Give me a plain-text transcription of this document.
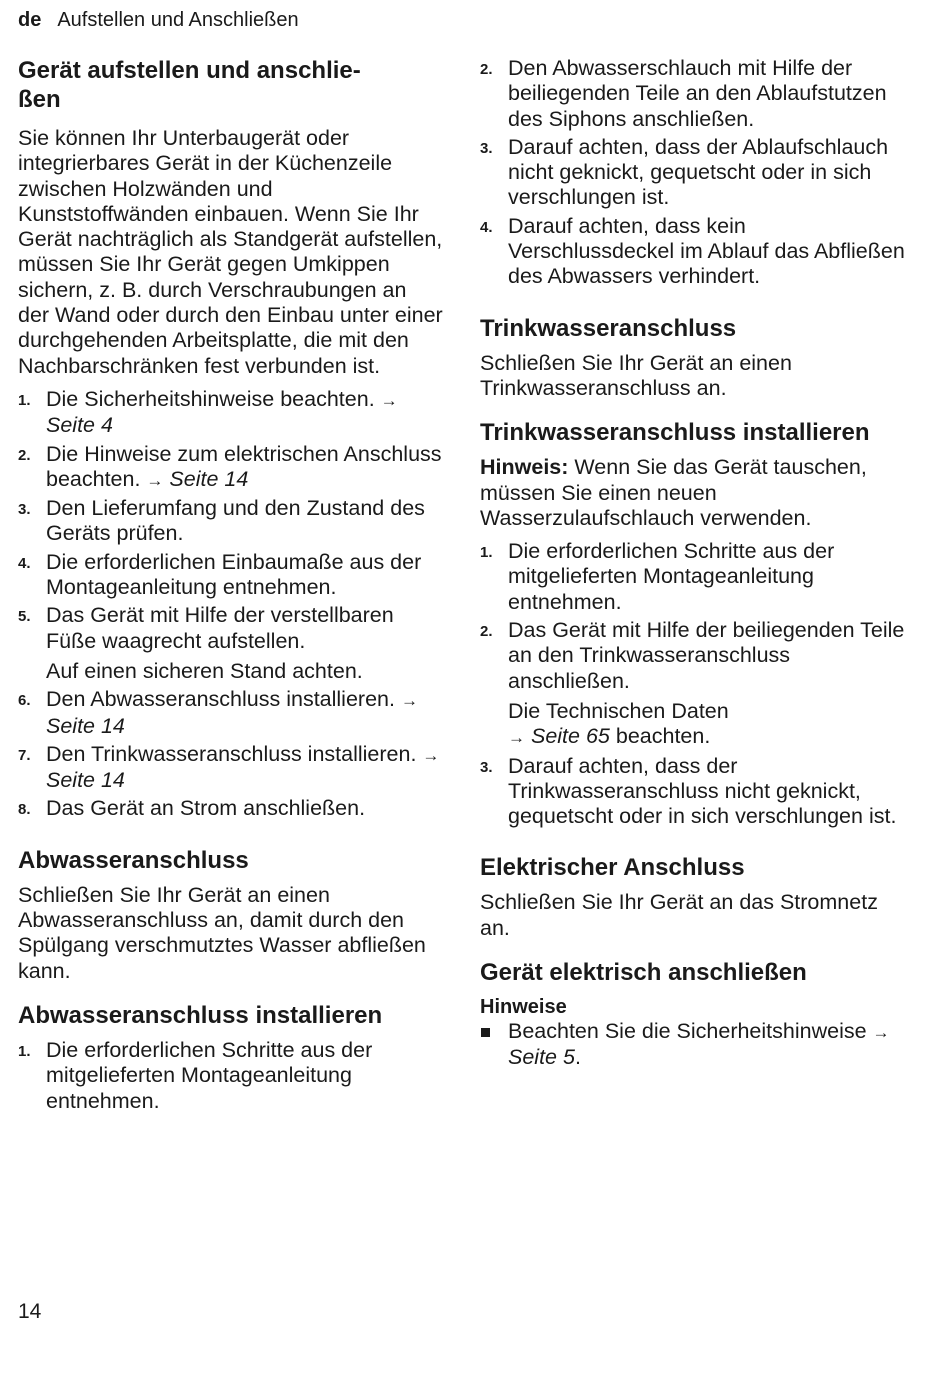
de Aufstellen und Anschließen
Gerät aufstellen und anschlie-
ßen

Sie können Ihr Unterbaugerät oder integrierbares Gerät in der Küchenzeile zwischen Holzwänden und Kunststoffwänden einbauen. Wenn Sie Ihr Gerät nachträglich als Standgerät aufstellen, müssen Sie Ihr Gerät gegen Umkippen sichern, z. B. durch Verschraubungen an der Wand oder durch den Einbau unter einer durchgehenden Arbeitsplatte, die mit den Nachbarschränken fest verbunden ist.

1. Die Sicherheitshinweise beachten. → Seite 4
2. Die Hinweise zum elektrischen Anschluss beachten. → Seite 14
3. Den Lieferumfang und den Zustand des Geräts prüfen.
4. Die erforderlichen Einbaumaße aus der Montageanleitung entnehmen.
5. Das Gerät mit Hilfe der verstellbaren Füße waagrecht aufstellen.
Auf einen sicheren Stand achten.
6. Den Abwasseranschluss installieren. → Seite 14
7. Den Trinkwasseranschluss installieren. → Seite 14
8. Das Gerät an Strom anschließen.
Abwasseranschluss

Schließen Sie Ihr Gerät an einen Abwasseranschluss an, damit durch den Spülgang verschmutztes Wasser abfließen kann.

Abwasseranschluss installieren
1. Die erforderlichen Schritte aus der mitgelieferten Montageanleitung entnehmen.
2. Den Abwasserschlauch mit Hilfe der beiliegenden Teile an den Ablaufstutzen des Siphons anschließen.
3. Darauf achten, dass der Ablaufschlauch nicht geknickt, gequetscht oder in sich verschlungen ist.
4. Darauf achten, dass kein Verschlussdeckel im Ablauf das Abfließen des Abwassers verhindert.
Trinkwasseranschluss

Schließen Sie Ihr Gerät an einen Trinkwasseranschluss an.

Trinkwasseranschluss installieren

Hinweis: Wenn Sie das Gerät tauschen, müssen Sie einen neuen Wasserzulaufschlauch verwenden.

1. Die erforderlichen Schritte aus der mitgelieferten Montageanleitung entnehmen.
2. Das Gerät mit Hilfe der beiliegenden Teile an den Trinkwasseranschluss anschließen.
Die Technischen Daten
→ Seite 65 beachten.
3. Darauf achten, dass der Trinkwasseranschluss nicht geknickt, gequetscht oder in sich verschlungen ist.
Elektrischer Anschluss

Schließen Sie Ihr Gerät an das Stromnetz an.

Gerät elektrisch anschließen
Hinweise
Beachten Sie die Sicherheitshinweise → Seite 5.
14
